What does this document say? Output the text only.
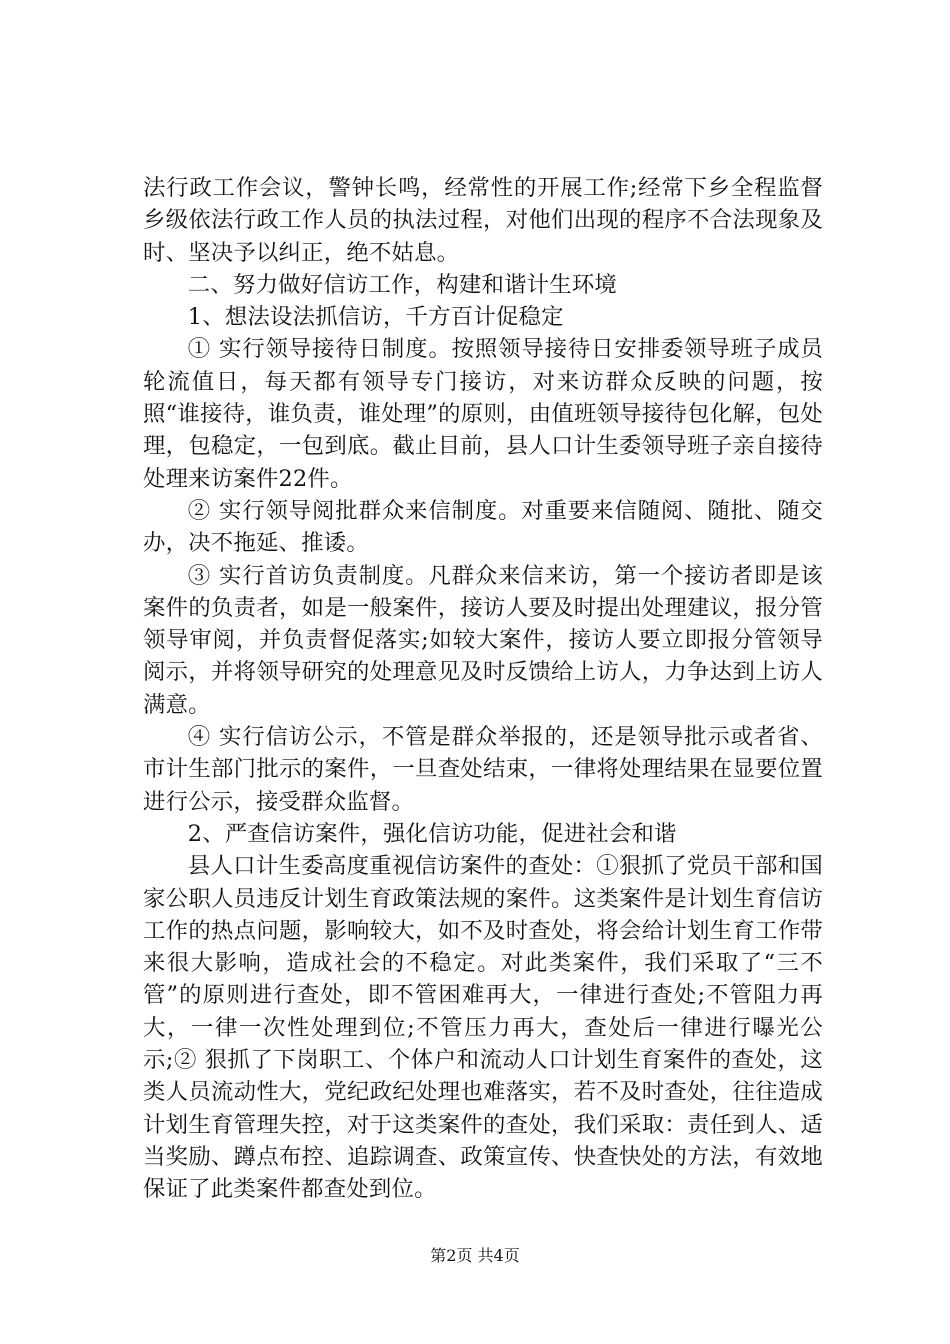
法行政工作会议，警钟长鸣，经常性的开展工作;经常下乡全程监督乡级依法行政工作人员的执法过程，对他们出现的程序不合法现象及时、坚决予以纠正，绝不姑息。

二、努力做好信访工作，构建和谐计生环境

1、想法设法抓信访，千方百计促稳定

① 实行领导接待日制度。按照领导接待日安排委领导班子成员轮流值日，每天都有领导专门接访，对来访群众反映的问题，按照“谁接待，谁负责，谁处理”的原则，由值班领导接待包化解，包处理，包稳定，一包到底。截止目前，县人口计生委领导班子亲自接待处理来访案件22件。

② 实行领导阅批群众来信制度。对重要来信随阅、随批、随交办，决不拖延、推诿。

③ 实行首访负责制度。凡群众来信来访，第一个接访者即是该案件的负责者，如是一般案件，接访人要及时提出处理建议，报分管领导审阅，并负责督促落实;如较大案件，接访人要立即报分管领导阅示，并将领导研究的处理意见及时反馈给上访人，力争达到上访人满意。

④ 实行信访公示，不管是群众举报的，还是领导批示或者省、市计生部门批示的案件，一旦查处结束，一律将处理结果在显要位置进行公示，接受群众监督。

2、严查信访案件，强化信访功能，促进社会和谐

县人口计生委高度重视信访案件的查处：①狠抓了党员干部和国家公职人员违反计划生育政策法规的案件。这类案件是计划生育信访工作的热点问题，影响较大，如不及时查处，将会给计划生育工作带来很大影响，造成社会的不稳定。对此类案件，我们采取了“三不管”的原则进行查处，即不管困难再大，一律进行查处;不管阻力再大，一律一次性处理到位;不管压力再大，查处后一律进行曝光公示;② 狠抓了下岗职工、个体户和流动人口计划生育案件的查处，这类人员流动性大，党纪政纪处理也难落实，若不及时查处，往往造成计划生育管理失控，对于这类案件的查处，我们采取：责任到人、适当奖励、蹲点布控、追踪调查、政策宣传、快查快处的方法，有效地保证了此类案件都查处到位。

第2页 共4页
